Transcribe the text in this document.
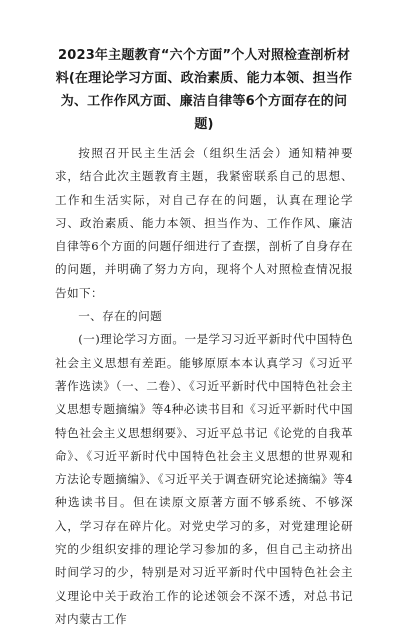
2023年主题教育“六个方面”个人对照检查剖析材料(在理论学习方面、政治素质、能力本领、担当作为、工作作风方面、廉洁自律等6个方面存在的问题)

按照召开民主生活会（组织生活会）通知精神要求，结合此次主题教育主题，我紧密联系自己的思想、工作和生活实际，对自己存在的问题，认真在理论学习、政治素质、能力本领、担当作为、工作作风、廉洁自律等6个方面的问题仔细进行了查摆，剖析了自身存在的问题，并明确了努力方向，现将个人对照检查情况报告如下：

一、存在的问题

(一)理论学习方面。一是学习习近平新时代中国特色社会主义思想有差距。能够原原本本认真学习《习近平著作选读》（一、二卷）、《习近平新时代中国特色社会主义思想专题摘编》等4种必读书目和《习近平新时代中国特色社会主义思想纲要》、习近平总书记《论党的自我革命》、《习近平新时代中国特色社会主义思想的世界观和方法论专题摘编》、《习近平关于调查研究论述摘编》等4种选读书目。但在读原文原著方面不够系统、不够深入，学习存在碎片化。对党史学习的多，对党建理论研究的少组织安排的理论学习参加的多，但自己主动挤出时间学习的少，特别是对习近平新时代中国特色社会主义理论中关于政治工作的论述领会不深不透，对总书记对内蒙古工作
